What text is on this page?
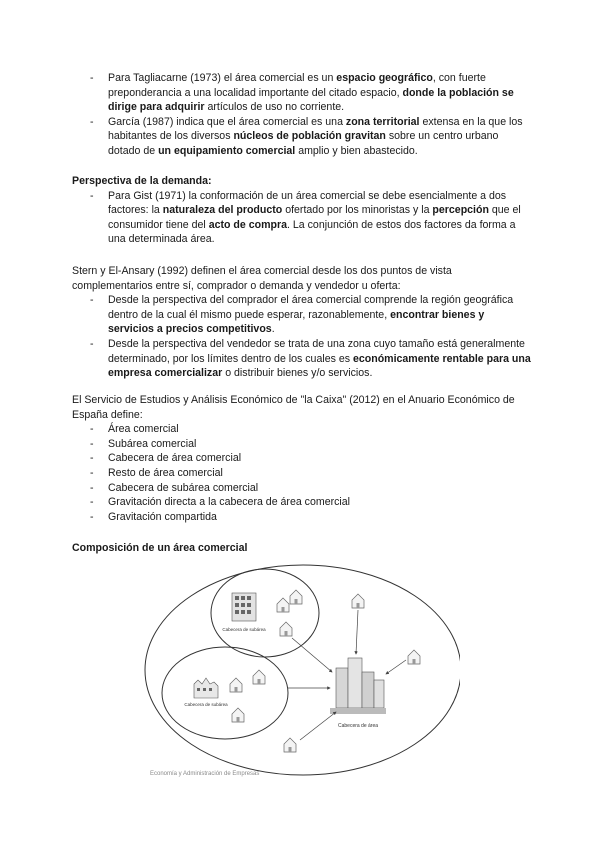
- Para Tagliacarne (1973) el área comercial es un espacio geográfico, con fuerte preponderancia a una localidad importante del citado espacio, donde la población se dirige para adquirir artículos de uso no corriente.
- García (1987) indica que el área comercial es una zona territorial extensa en la que los habitantes de los diversos núcleos de población gravitan sobre un centro urbano dotado de un equipamiento comercial amplio y bien abastecido.

Perspectiva de la demanda:

- Para Gist (1971) la conformación de un área comercial se debe esencialmente a dos factores: la naturaleza del producto ofertado por los minoristas y la percepción que el consumidor tiene del acto de compra. La conjunción de estos dos factores da forma a una determinada área.

Stern y El-Ansary (1992) definen el área comercial desde los dos puntos de vista complementarios entre sí, comprador o demanda y vendedor u oferta:

- Desde la perspectiva del comprador el área comercial comprende la región geográfica dentro de la cual él mismo puede esperar, razonablemente, encontrar bienes y servicios a precios competitivos.
- Desde la perspectiva del vendedor se trata de una zona cuyo tamaño está generalmente determinado, por los límites dentro de los cuales es económicamente rentable para una empresa comercializar o distribuir bienes y/o servicios.

El Servicio de Estudios y Análisis Económico de "la Caixa" (2012) en el Anuario Económico de España define:

- Área comercial
- Subárea comercial
- Cabecera de área comercial
- Resto de área comercial
- Cabecera de subárea comercial
- Gravitación directa a la cabecera de área comercial
- Gravitación compartida

Composición de un área comercial

Cabecera de subárea
Cabecera de subárea
Cabecera de área
Economía y Administración de Empresas
